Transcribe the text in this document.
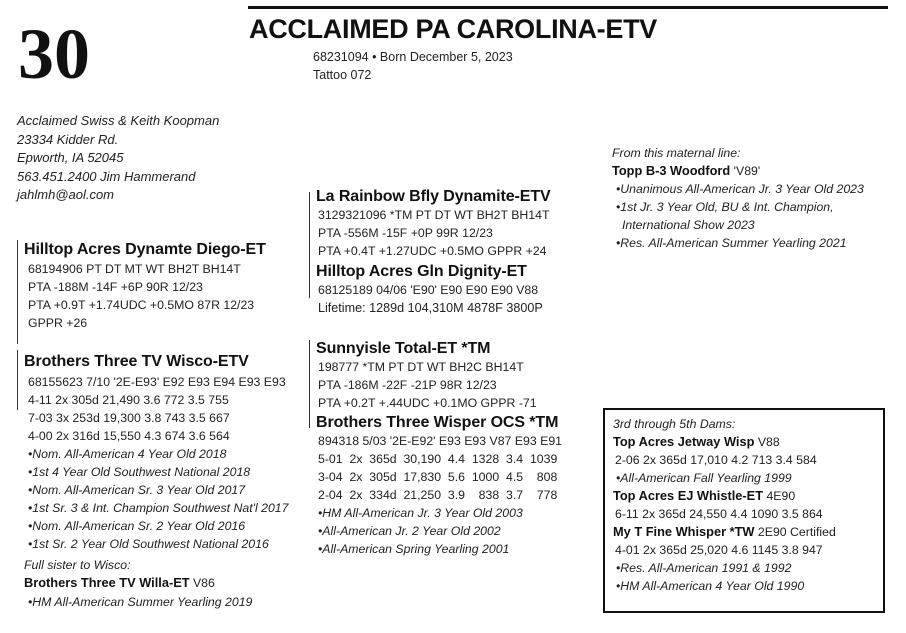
30	ACCLAIMED PA CAROLINA-ETV
68231094 • Born December 5, 2023
Tattoo 072
Acclaimed Swiss & Keith Koopman
23334 Kidder Rd.
Epworth, IA 52045
563.451.2400 Jim Hammerand
jahlmh@aol.com
Hilltop Acres Dynamte Diego-ET
68194906 PT DT MT WT BH2T BH14T
PTA -188M -14F +6P 90R 12/23
PTA +0.9T +1.74UDC +0.5MO 87R 12/23
GPPR +26
La Rainbow Bfly Dynamite-ETV
3129321096 *TM PT DT WT BH2T BH14T
PTA -556M -15F +0P 99R 12/23
PTA +0.4T +1.27UDC +0.5MO GPPR +24
Hilltop Acres Gln Dignity-ET
68125189 04/06 'E90' E90 E90 E90 V88
Lifetime: 1289d 104,310M 4878F 3800P
Brothers Three TV Wisco-ETV
68155623 7/10 '2E-E93' E92 E93 E94 E93 E93
4-11 2x 305d 21,490 3.6 772 3.5 755
7-03 3x 253d 19,300 3.8 743 3.5 667
4-00 2x 316d 15,550 4.3 674 3.6 564
•Nom. All-American 4 Year Old 2018
•1st 4 Year Old Southwest National 2018
•Nom. All-American Sr. 3 Year Old 2017
•1st Sr. 3 & Int. Champion Southwest Nat'l 2017
•Nom. All-American Sr. 2 Year Old 2016
•1st Sr. 2 Year Old Southwest National 2016
Full sister to Wisco:
Brothers Three TV Willa-ET V86
•HM All-American Summer Yearling 2019
Sunnyisle Total-ET *TM
198777 *TM PT DT WT BH2C BH14T
PTA -186M -22F -21P 98R 12/23
PTA +0.2T +.44UDC +0.1MO GPPR -71
Brothers Three Wisper OCS *TM
894318 5/03 '2E-E92' E93 E93 V87 E93 E91
5-01  2x  365d  30,190  4.4  1328  3.4  1039
3-04  2x  305d  17,830  5.6  1000  4.5    808
2-04  2x  334d  21,250  3.9    838  3.7    778
•HM All-American Jr. 3 Year Old 2003
•All-American Jr. 2 Year Old 2002
•All-American Spring Yearling 2001
From this maternal line:
Topp B-3 Woodford 'V89'
•Unanimous All-American Jr. 3 Year Old 2023
•1st Jr. 3 Year Old, BU & Int. Champion,
International Show 2023
•Res. All-American Summer Yearling 2021
3rd through 5th Dams:
Top Acres Jetway Wisp V88
2-06 2x 365d 17,010 4.2 713 3.4 584
•All-American Fall Yearling 1999
Top Acres EJ Whistle-ET 4E90
6-11 2x 365d 24,550 4.4 1090 3.5 864
My T Fine Whisper *TW 2E90 Certified
4-01 2x 365d 25,020 4.6 1145 3.8 947
•Res. All-American 1991 & 1992
•HM All-American 4 Year Old 1990
